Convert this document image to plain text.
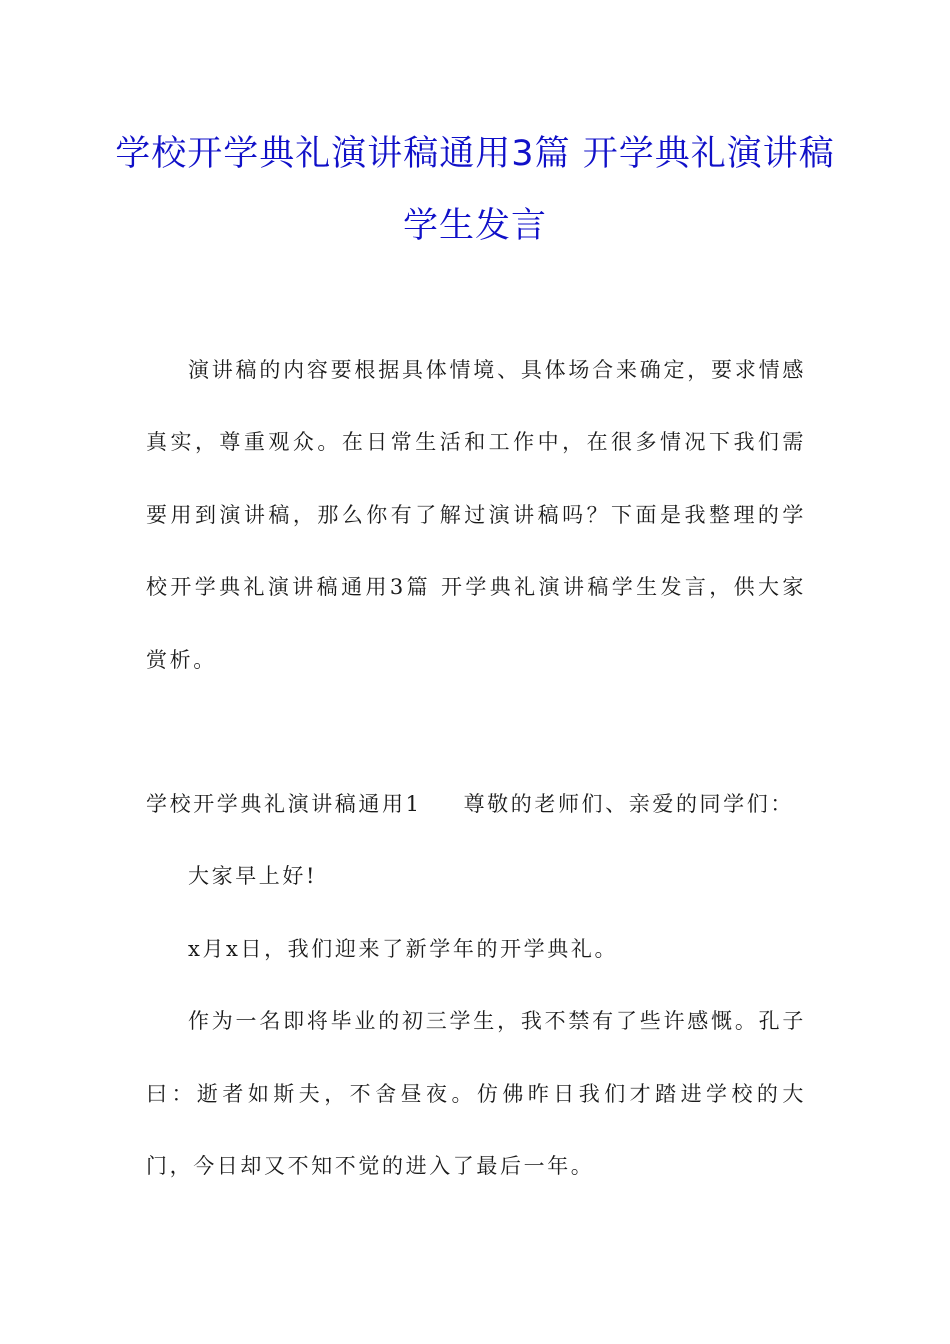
学校开学典礼演讲稿通用3篇 开学典礼演讲稿学生发言

演讲稿的内容要根据具体情境、具体场合来确定，要求情感真实，尊重观众。在日常生活和工作中，在很多情况下我们需要用到演讲稿，那么你有了解过演讲稿吗？下面是我整理的学校开学典礼演讲稿通用3篇 开学典礼演讲稿学生发言，供大家赏析。

学校开学典礼演讲稿通用1 尊敬的老师们、亲爱的同学们：

大家早上好!

x月x日，我们迎来了新学年的开学典礼。

作为一名即将毕业的初三学生，我不禁有了些许感慨。孔子曰：逝者如斯夫，不舍昼夜。仿佛昨日我们才踏进学校的大门，今日却又不知不觉的进入了最后一年。
